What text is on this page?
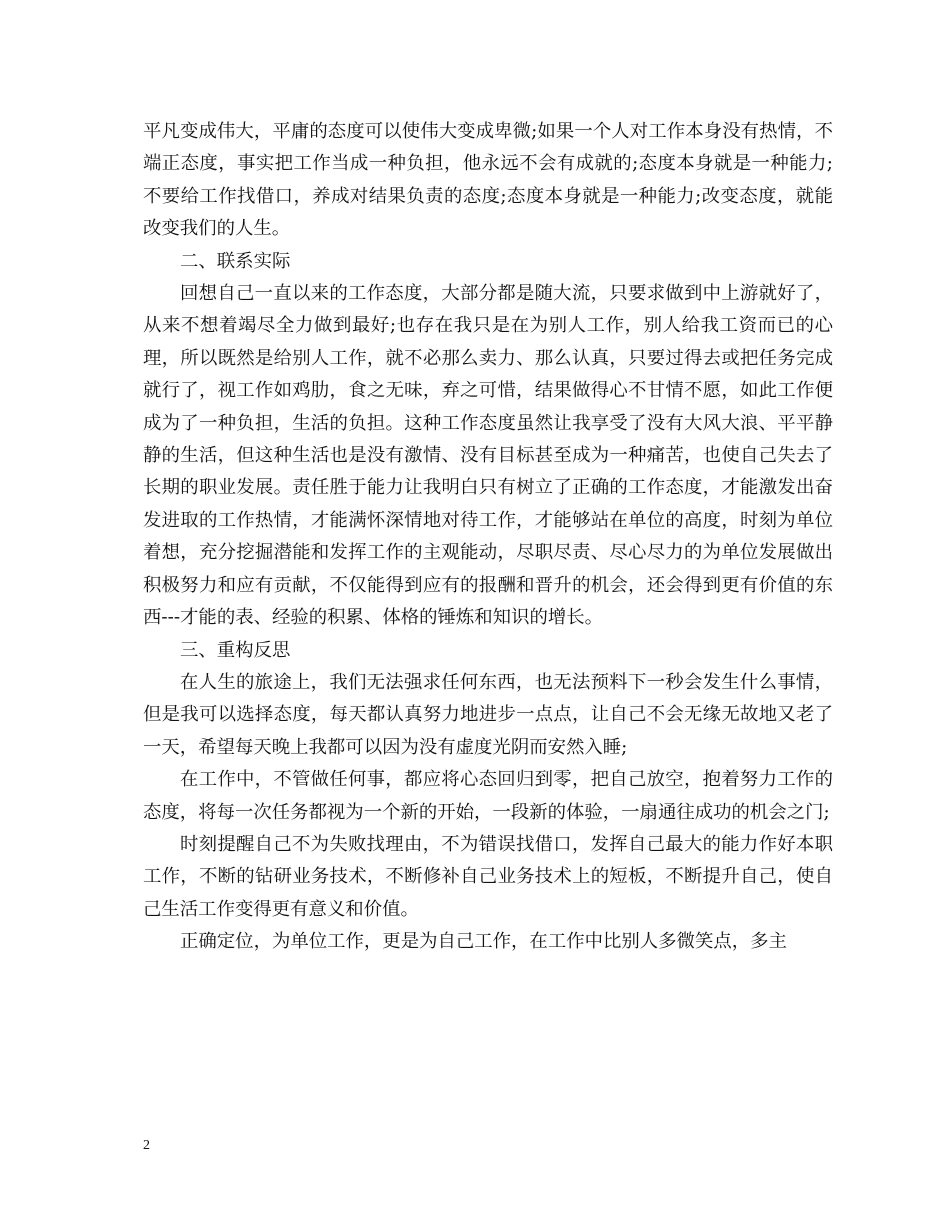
平凡变成伟大，平庸的态度可以使伟大变成卑微;如果一个人对工作本身没有热情，不端正态度，事实把工作当成一种负担，他永远不会有成就的;态度本身就是一种能力;不要给工作找借口，养成对结果负责的态度;态度本身就是一种能力;改变态度，就能改变我们的人生。

二、联系实际

回想自己一直以来的工作态度，大部分都是随大流，只要求做到中上游就好了，从来不想着竭尽全力做到最好;也存在我只是在为别人工作，别人给我工资而已的心理，所以既然是给别人工作，就不必那么卖力、那么认真，只要过得去或把任务完成就行了，视工作如鸡肋，食之无味，弃之可惜，结果做得心不甘情不愿，如此工作便成为了一种负担，生活的负担。这种工作态度虽然让我享受了没有大风大浪、平平静静的生活，但这种生活也是没有激情、没有目标甚至成为一种痛苦，也使自己失去了长期的职业发展。责任胜于能力让我明白只有树立了正确的工作态度，才能激发出奋发进取的工作热情，才能满怀深情地对待工作，才能够站在单位的高度，时刻为单位着想，充分挖掘潜能和发挥工作的主观能动，尽职尽责、尽心尽力的为单位发展做出积极努力和应有贡献，不仅能得到应有的报酬和晋升的机会，还会得到更有价值的东西---才能的表、经验的积累、体格的锤炼和知识的增长。

三、重构反思

在人生的旅途上，我们无法强求任何东西，也无法预料下一秒会发生什么事情，但是我可以选择态度，每天都认真努力地进步一点点，让自己不会无缘无故地又老了一天，希望每天晚上我都可以因为没有虚度光阴而安然入睡;

在工作中，不管做任何事，都应将心态回归到零，把自己放空，抱着努力工作的态度，将每一次任务都视为一个新的开始，一段新的体验，一扇通往成功的机会之门;

时刻提醒自己不为失败找理由，不为错误找借口，发挥自己最大的能力作好本职工作，不断的钻研业务技术，不断修补自己业务技术上的短板，不断提升自己，使自己生活工作变得更有意义和价值。

正确定位，为单位工作，更是为自己工作，在工作中比别人多微笑点，多主

2
